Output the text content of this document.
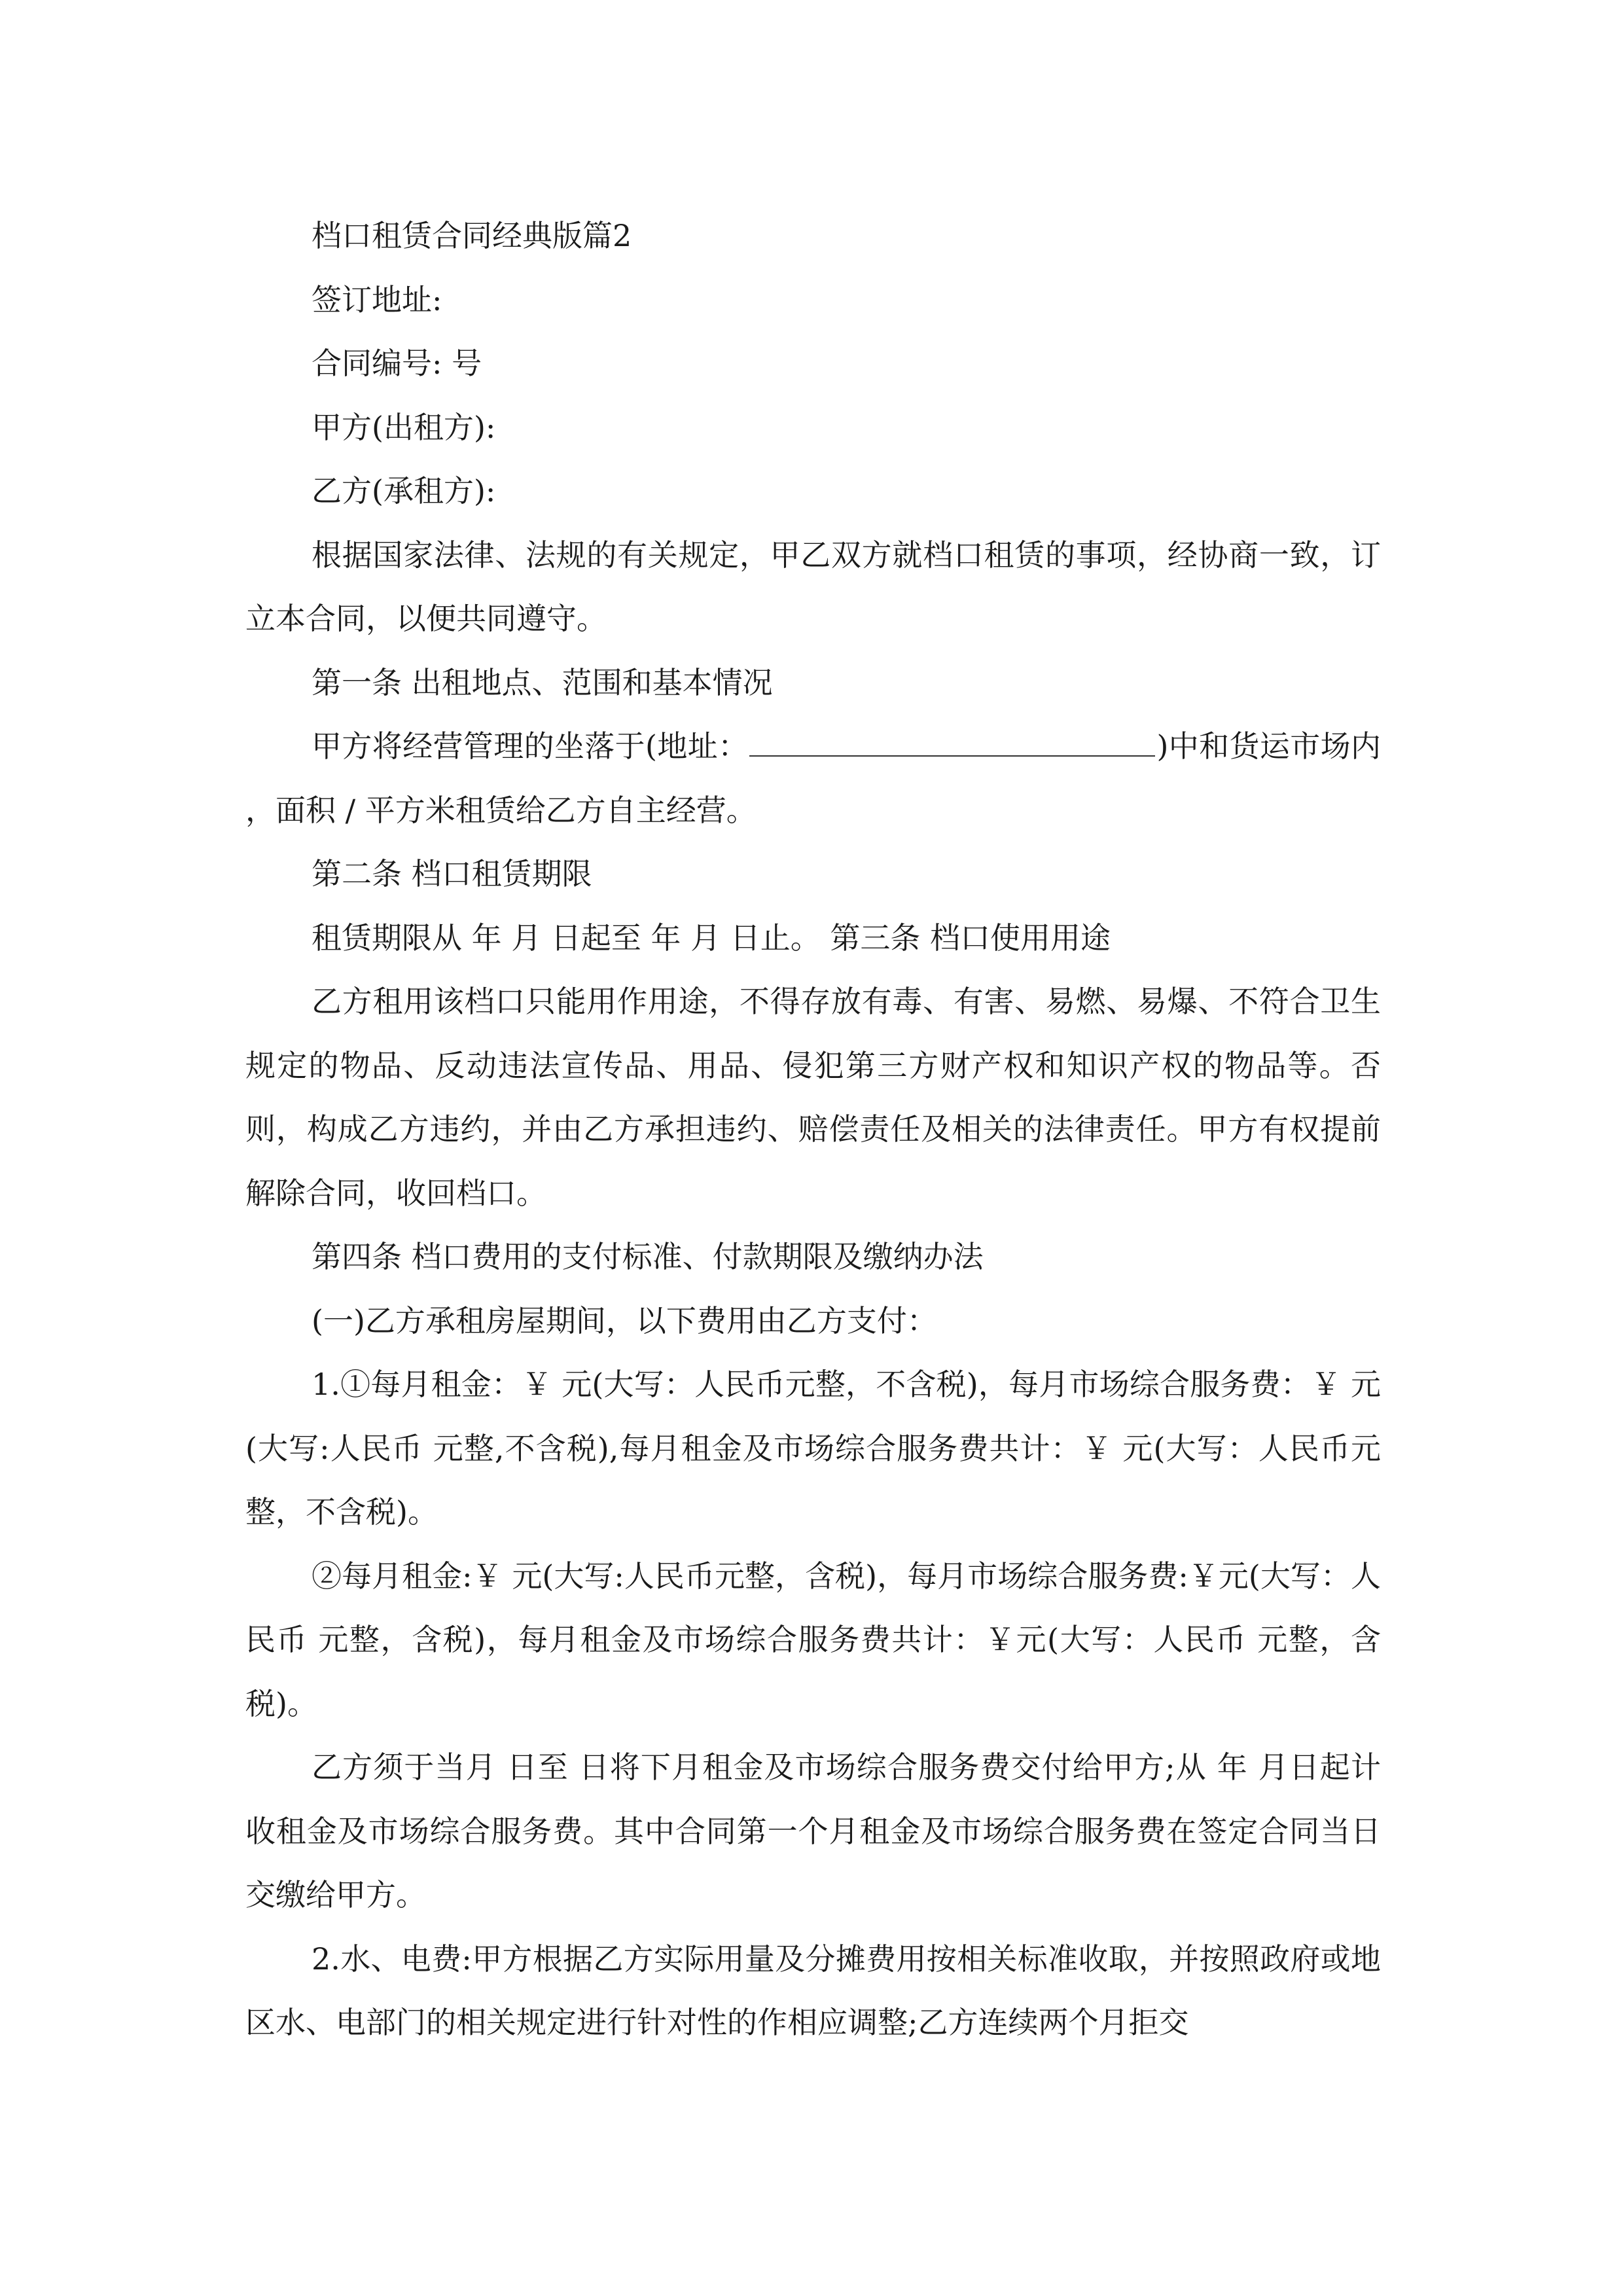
档口租赁合同经典版篇2

签订地址:

合同编号: 号

甲方(出租方):

乙方(承租方):

根据国家法律、法规的有关规定，甲乙双方就档口租赁的事项，经协商一致，订立本合同，以便共同遵守。

第一条 出租地点、范围和基本情况

甲方将经营管理的坐落于(地址：	)中和货运市场内 ，面积 / 平方米租赁给乙方自主经营。

第二条 档口租赁期限

租赁期限从 年 月 日起至 年 月 日止。 第三条 档口使用用途

乙方租用该档口只能用作用途，不得存放有毒、有害、易燃、易爆、不符合卫生规定的物品、反动违法宣传品、用品、侵犯第三方财产权和知识产权的物品等。否则，构成乙方违约，并由乙方承担违约、赔偿责任及相关的法律责任。甲方有权提前解除合同，收回档口。

第四条 档口费用的支付标准、付款期限及缴纳办法

(一)乙方承租房屋期间，以下费用由乙方支付：

1.①每月租金：￥ 元(大写：人民币元整，不含税)，每月市场综合服务费：￥ 元(大写:人民币 元整,不含税),每月租金及市场综合服务费共计：￥ 元(大写：人民币元整，不含税)。

②每月租金:￥ 元(大写:人民币元整，含税)，每月市场综合服务费:￥元(大写：人民币 元整，含税)，每月租金及市场综合服务费共计：￥元(大写：人民币 元整，含税)。

乙方须于当月 日至 日将下月租金及市场综合服务费交付给甲方;从 年 月日起计收租金及市场综合服务费。其中合同第一个月租金及市场综合服务费在签定合同当日交缴给甲方。

2.水、电费:甲方根据乙方实际用量及分摊费用按相关标准收取，并按照政府或地区水、电部门的相关规定进行针对性的作相应调整;乙方连续两个月拒交
